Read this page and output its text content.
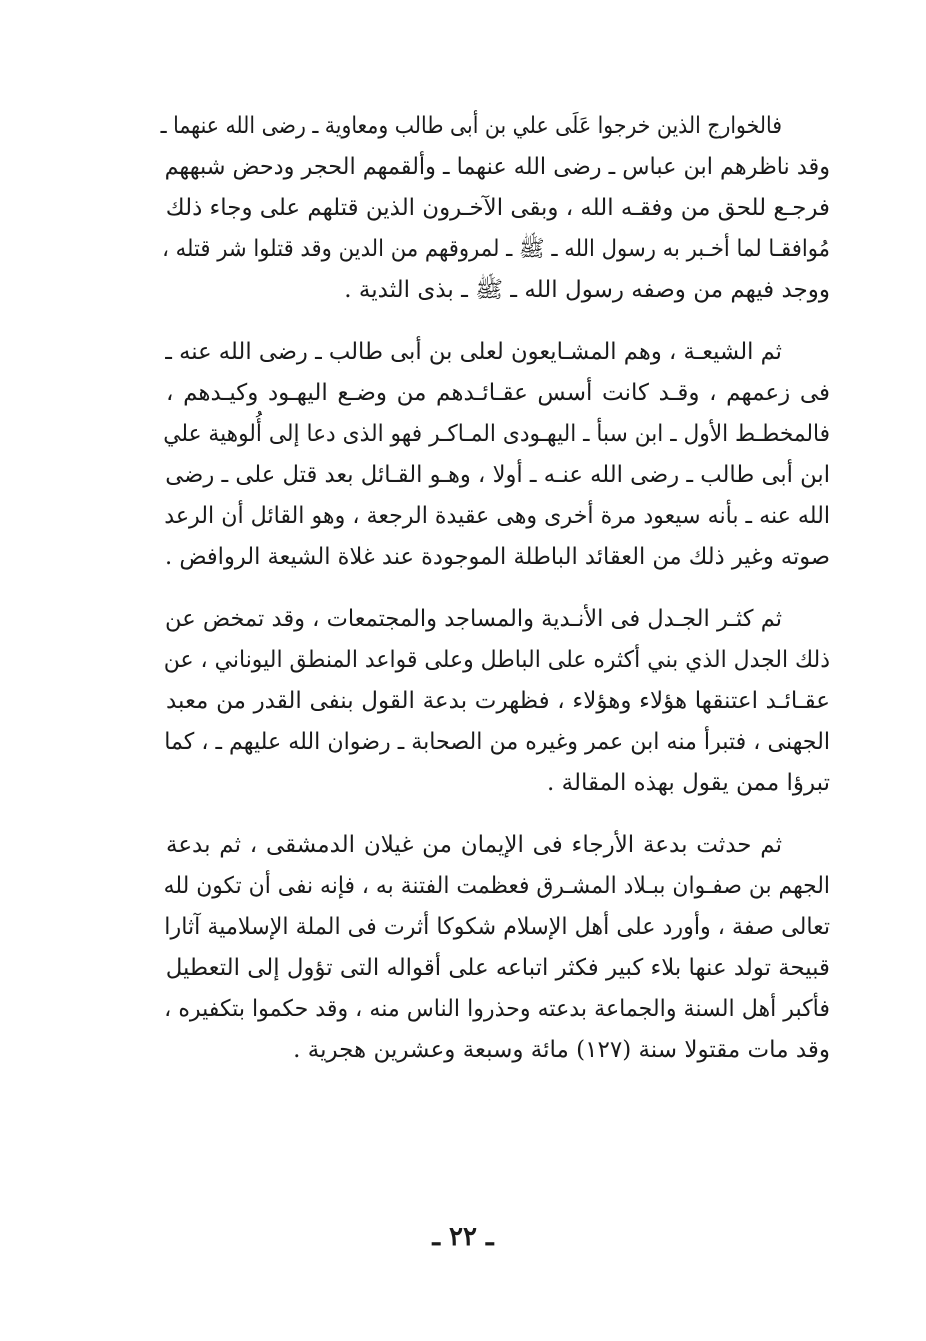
فالخوارج الذين خرجوا عَلَى علي بن أبى طالب ومعاوية ـ رضى الله عنهما ـ
وقد ناظرهم ابن عباس ـ رضى الله عنهما ـ وألقمهم الحجر ودحض شبههم
فرجـع للحق من وفقـه الله ، وبقى الآخـرون الذين قتلهم على وجاء ذلك
مُوافقـا لما أخـبر به رسول الله ـ ﷺ ـ لمروقهم من الدين وقد قتلوا شر قتله ،
ووجد فيهم من وصفه رسول الله ـ ﷺ ـ بذى الثدية .
ثم الشيعـة ، وهم المشـايعون لعلى بن أبى طالب ـ رضى الله عنه ـ
فى زعمهم ، وقـد كانت أسس عقـائـدهم من وضـع اليهـود وكيـدهم ،
فالمخطـط الأول ـ ابن سبأ ـ اليهـودى المـاكـر فهو الذى دعا إلى أُلوهية علي
ابن أبى طالب ـ رضى الله عنـه ـ أولا ، وهـو القـائل بعد قتل على ـ رضى
الله عنه ـ بأنه سيعود مرة أخرى وهى عقيدة الرجعة ، وهو القائل أن الرعد
صوته وغير ذلك من العقائد الباطلة الموجودة عند غلاة الشيعة الروافض .
ثم كثـر الجـدل فى الأنـدية والمساجد والمجتمعات ، وقد تمخض عن
ذلك الجدل الذي بني أكثره على الباطل وعلى قواعد المنطق اليوناني ، عن
عقـائـد اعتنقها هؤلاء وهؤلاء ، فظهرت بدعة القول بنفى القدر من معبد
الجهنى ، فتبرأ منه ابن عمر وغيره من الصحابة ـ رضوان الله عليهم ـ ، كما
تبرؤا ممن يقول بهذه المقالة .
ثم حدثت بدعة الأرجاء فى الإيمان من غيلان الدمشقى ، ثم بدعة
الجهم بن صفـوان ببـلاد المشـرق فعظمت الفتنة به ، فإنه نفى أن تكون لله
تعالى صفة ، وأورد على أهل الإسلام شكوكا أثرت فى الملة الإسلامية آثارا
قبيحة تولد عنها بلاء كبير فكثر اتباعه على أقواله التى تؤول إلى التعطيل
فأكبر أهل السنة والجماعة بدعته وحذروا الناس منه ، وقد حكموا بتكفيره ،
وقد مات مقتولا سنة (١٢٧) مائة وسبعة وعشرين هجرية .
ـ ٢٢ ـ
